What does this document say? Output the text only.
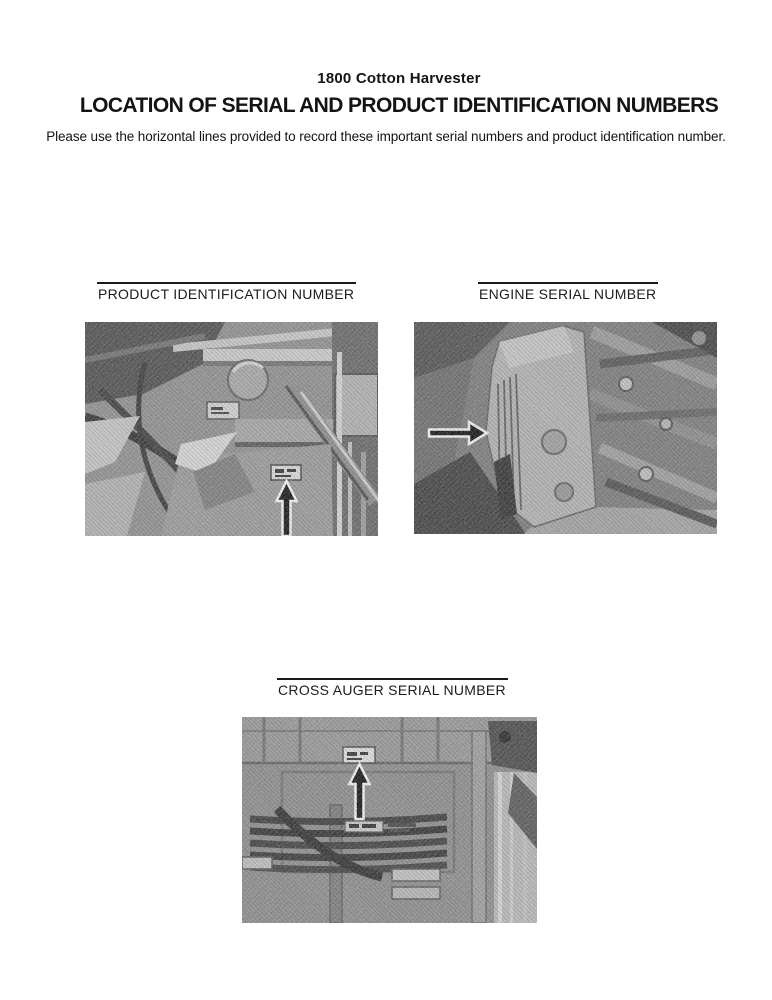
1800 Cotton Harvester
LOCATION OF SERIAL AND PRODUCT IDENTIFICATION NUMBERS
Please use the horizontal lines provided to record these important serial numbers and product identification number.
PRODUCT IDENTIFICATION NUMBER	ENGINE SERIAL NUMBER
CROSS AUGER SERIAL NUMBER
